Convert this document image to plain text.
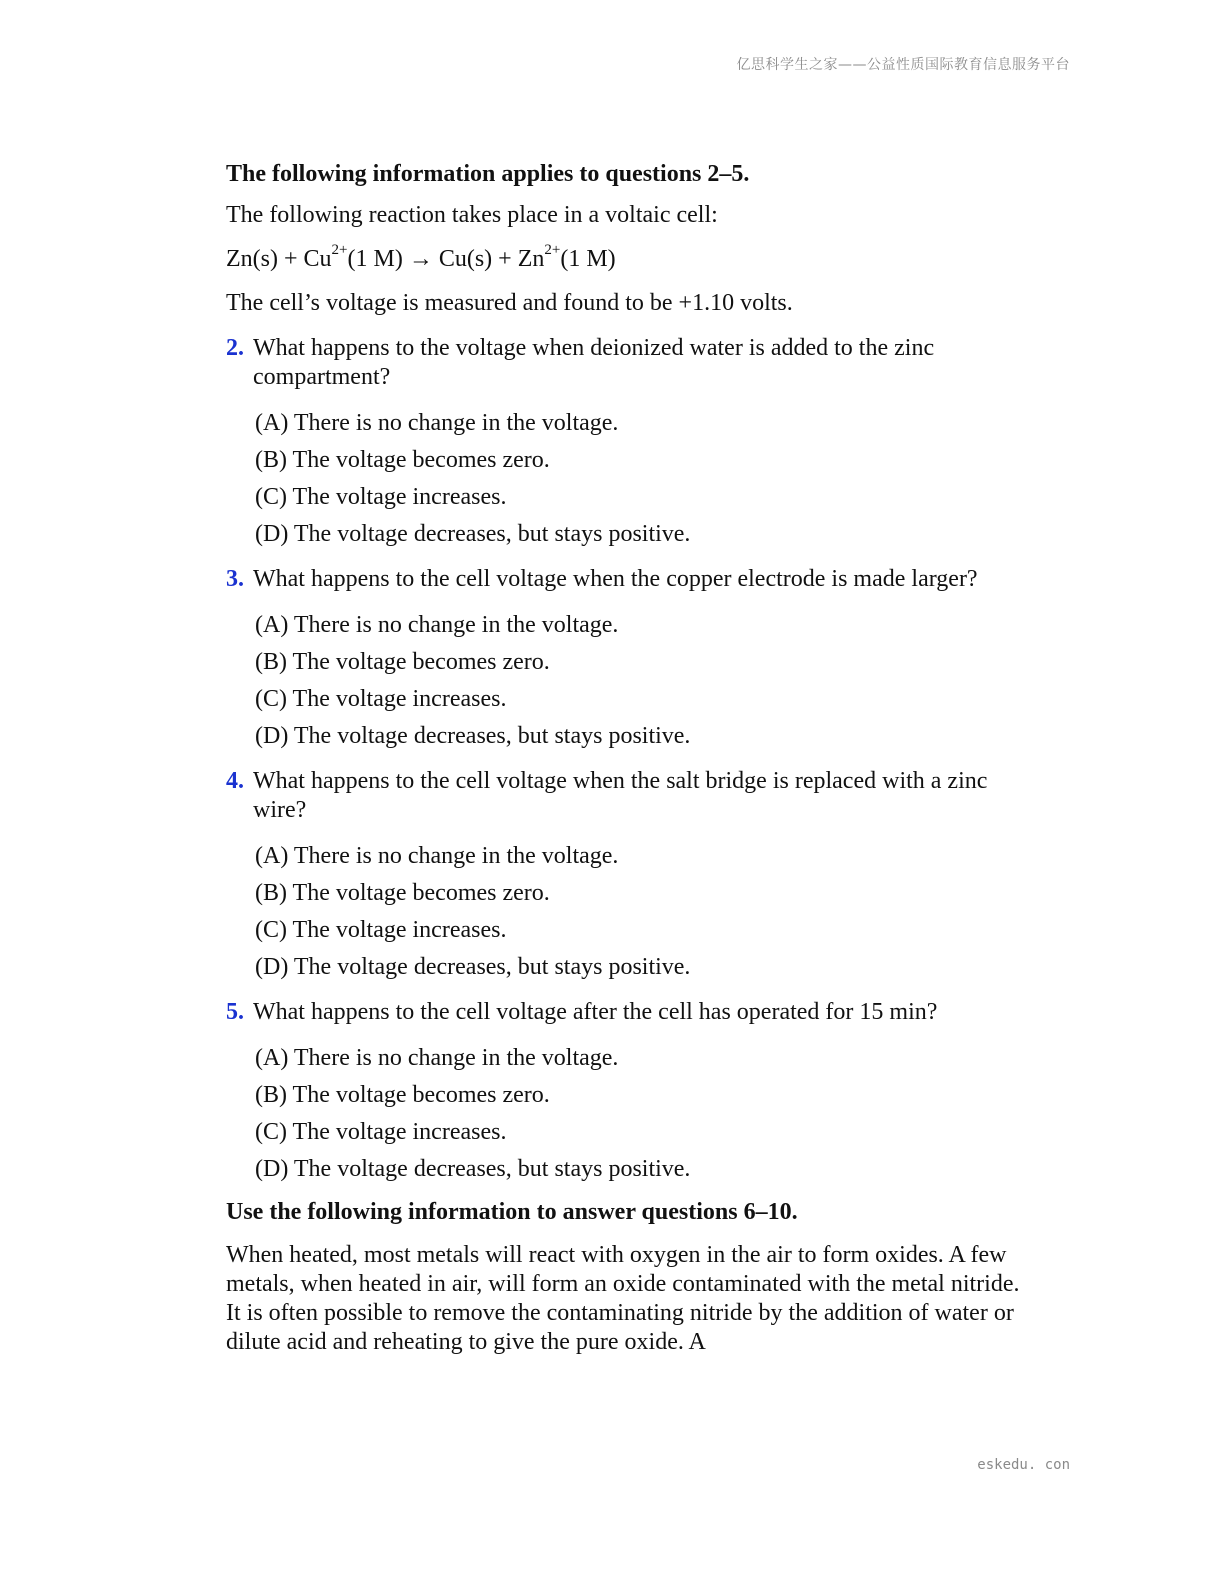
亿思科学生之家——公益性质国际教育信息服务平台
The following information applies to questions 2–5.

The following reaction takes place in a voltaic cell:

$Zn(s) + Cu^{2+}(1$ $M) \to Cu(s) + Zn^{2+}(1$ M)

The cell’s voltage is measured and found to be +1.10 volts.

2. What happens to the voltage when deionized water is added to the zinc compartment?
(A) There is no change in the voltage.
(B) The voltage becomes zero.
(C) The voltage increases.
(D) The voltage decreases, but stays positive.
3. What happens to the cell voltage when the copper electrode is made larger?
(A) There is no change in the voltage.
(B) The voltage becomes zero.
(C) The voltage increases.
(D) The voltage decreases, but stays positive.
4. What happens to the cell voltage when the salt bridge is replaced with a zinc wire?
(A) There is no change in the voltage.
(B) The voltage becomes zero.
(C) The voltage increases.
(D) The voltage decreases, but stays positive.
5. What happens to the cell voltage after the cell has operated for 15 min?
(A) There is no change in the voltage.
(B) The voltage becomes zero.
(C) The voltage increases.
(D) The voltage decreases, but stays positive.
Use the following information to answer questions 6–10.

When heated, most metals will react with oxygen in the air to form oxides. A few metals, when heated in air, will form an oxide contaminated with the metal nitride. It is often possible to remove the contaminating nitride by the addition of water or dilute acid and reheating to give the pure oxide. A

eskedu. con
